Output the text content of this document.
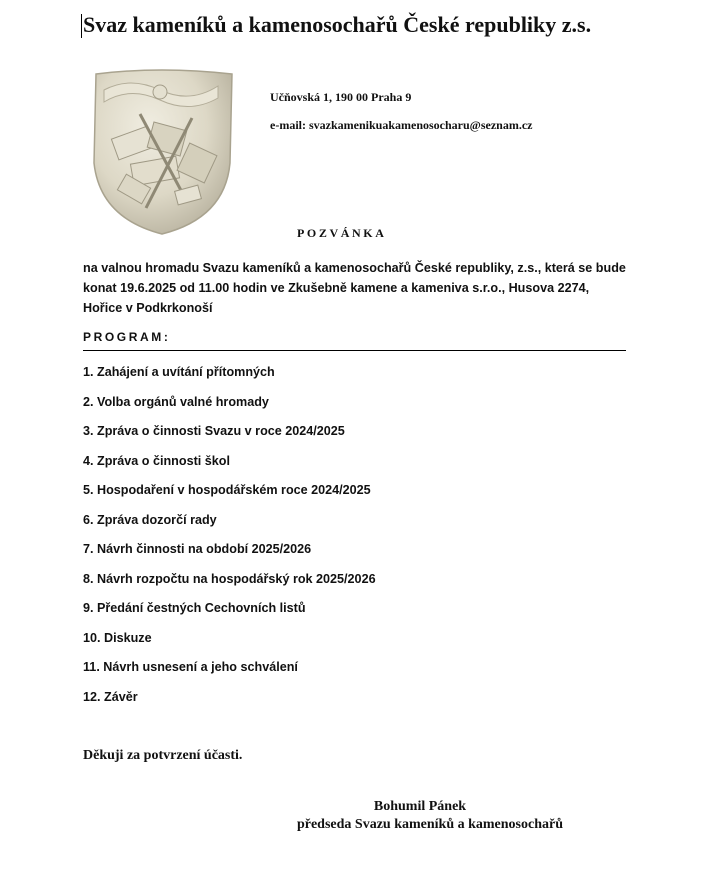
Svaz kameníků a kamenosochařů České republiky z.s.
Učňovská 1, 190 00 Praha 9
e-mail: svazkamenikuakamenosocharu@seznam.cz
POZVÁNKA
na valnou hromadu Svazu kameníků a kamenosochařů České republiky, z.s., která se bude konat 19.6.2025 od 11.00 hodin ve Zkušebně kamene a kameniva s.r.o., Husova 2274, Hořice v Podkrkonoší
PROGRAM:
1. Zahájení a uvítání přítomných
2. Volba orgánů valné hromady
3. Zpráva o činnosti Svazu v roce 2024/2025
4. Zpráva o činnosti škol
5. Hospodaření v hospodářském roce 2024/2025
6. Zpráva dozorčí rady
7. Návrh činnosti na období 2025/2026
8. Návrh rozpočtu na hospodářský rok 2025/2026
9. Předání čestných Cechovních listů
10. Diskuze
11. Návrh usnesení a jeho schválení
12. Závěr
Děkuji za potvrzení účasti.
Bohumil Pánek
předseda Svazu kameníků a kamenosochařů
